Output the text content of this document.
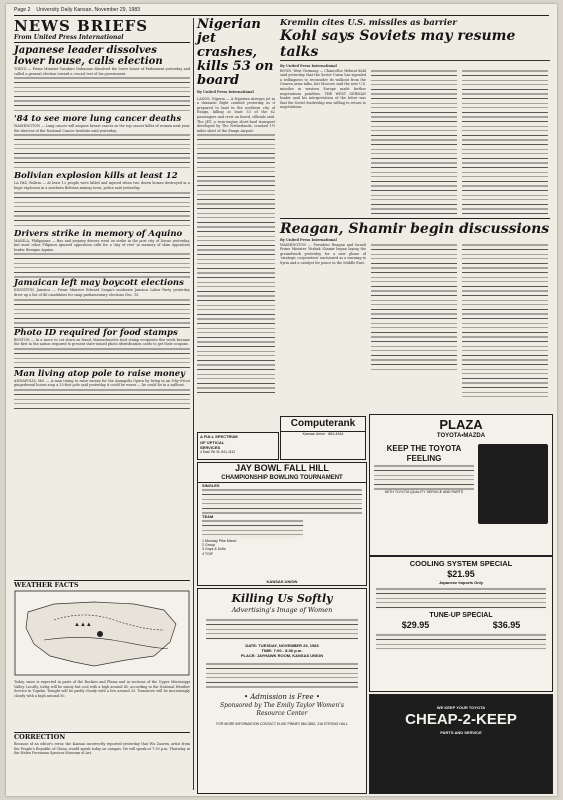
Page 2 University Daily Kansan, November 29, 1983
NEWS BRIEFS
From United Press International
Japanese leader dissolves lower house, calls election
TOKYO — Prime Minister Yasuhiro Nakasone dissolved the lower house of Parliament yesterday and called a general election toward a crucial test of his government.
'84 to see more lung cancer deaths
WASHINGTON — Lung cancer will surpass breast cancer as the top cancer killer of women next year, the director of the National Cancer Institute said yesterday.
Bolivian explosion kills at least 12
LA PAZ, Bolivia — At least 12 people were killed and injured when two dozen homes destroyed in a huge explosion in a southern Bolivian mining town, police said yesterday.
Drivers strike in memory of Aquino
MANILA, Philippines — Bus and jeepney drivers went on strike in the port city of Davao yesterday, but most other Filipinos ignored opposition calls for a 'day of rest' in memory of slain opposition leader Benigno Aquino.
Jamaican left may boycott elections
KINGSTON, Jamaica — Prime Minister Edward Seaga's moderate Jamaica Labor Party yesterday drew up a list of 46 candidates for snap parliamentary elections Dec. 15.
Photo ID required for food stamps
BOSTON — In a move to cut down on fraud, Massachusetts food stamp recipients this week became the first in the nation required to present state-issued photo identification cards to get their coupons.
Man living atop pole to raise money
ANNAPOLIS, Md. — A man trying to raise money for the Annapolis Opera by living in an 8-by-8-foot gingerbread house atop a 35-foot pole said yesterday it could be worse — he could be in a sailboat.
WEATHER FACTS
▲▲▲
Today, snow is expected in parts of the Rockies and Plains and in sections of the Upper Mississippi Valley. Locally, today will be sunny but cool with a high around 45, according to the National Weather Service in Topeka. Tonight will be partly cloudy with a low around 25. Tomorrow will be increasingly cloudy with a high around 50.
CORRECTION
Because of an editor's error, the Kansan incorrectly reported yesterday that Wu Zaoren, artist from the People's Republic of China, would speak today on campus. He will speak at 7:30 p.m. Thursday in the Helen Foresman Spencer Museum of Art.
Nigerian jet crashes, kills 53 on board
By United Press International
LAGOS, Nigeria — A Nigerian Airways jet in a dramatic flight crashed yesterday as it prepared to land in the northern city of Enugu, killing at least 53 of the 62 passengers and crew on board, officials said. The JET, a twin-engine short-haul transport developed by The Netherlands, crashed 1½ miles short of the Enugu Airport.
Kremlin cites U.S. missiles as barrier
Kohl says Soviets may resume talks
By United Press International
BONN, West Germany — Chancellor Helmut Kohl said yesterday that the Soviet Union has signaled a willingness to reconsider its walkout from the Geneva arms talks, but Moscow said the new U.S. missiles in western Europe made further negotiations pointless. THE WEST GERMAN leader said his interpretation of the letter was that the Soviet leadership was willing to return to negotiations.
Reagan, Shamir begin discussions
By United Press International
WASHINGTON — President Reagan and Israeli Prime Minister Yitzhak Shamir began laying the groundwork yesterday for a new phase of 'strategic cooperation' envisioned as a warning to Syria and a catalyst for peace in the Middle East.
A FULL SPECTRUM
OF OPTICAL
SERVICES
4 East 7th St. 841-1112
Computerank
Kansas Union · 864-4944
JAY BOWL FALL HILL
CHAMPIONSHIP BOWLING TOURNAMENT
SINGLES
TEAM
1 Monday Pike Mixed
2 Group
3 Guys & Dolls
4 TGIF
KANSAS UNION
Killing Us Softly
Advertising's Image of Women
DATE: TUESDAY, NOVEMBER 29, 1983
TIME: 7:00 - 8:30 p.m.
PLACE: JAYHAWK ROOM, KANSAS UNION
• Admission is Free •
Sponsored by The Emily Taylor Women's Resource Center
FOR MORE INFORMATION CONTACT ELISE PINNEY 864-3552, 218 STRONG HALL
PLAZA
TOYOTA•MAZDA
KEEP THE TOYOTA FEELING
WITH TOYOTA QUALITY SERVICE AND PARTS
COOLING SYSTEM SPECIAL
$21.95
Japanese Imports Only
TUNE-UP SPECIAL
$29.95	$36.95
WE KEEP YOUR TOYOTA
CHEAP-2-KEEP
PARTS AND SERVICE
